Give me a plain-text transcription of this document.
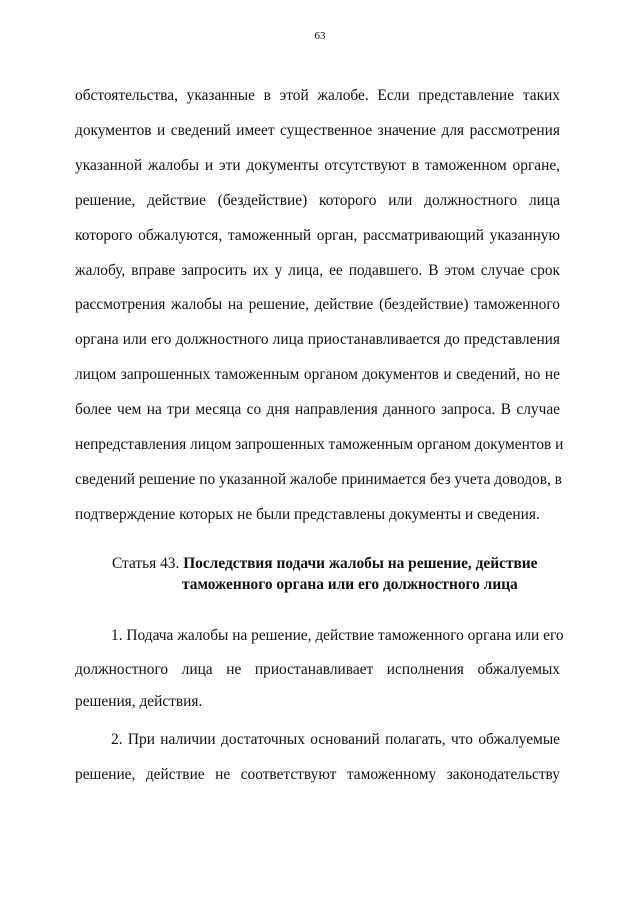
63
обстоятельства, указанные в этой жалобе. Если представление таких
документов и сведений имеет существенное значение для рассмотрения
указанной жалобы и эти документы отсутствуют в таможенном органе,
решение, действие (бездействие) которого или должностного лица
которого обжалуются, таможенный орган, рассматривающий указанную
жалобу, вправе запросить их у лица, ее подавшего. В этом случае срок
рассмотрения жалобы на решение, действие (бездействие) таможенного
органа или его должностного лица приостанавливается до представления
лицом запрошенных таможенным органом документов и сведений, но не
более чем на три месяца со дня направления данного запроса. В случае
непредставления лицом запрошенных таможенным органом документов и
сведений решение по указанной жалобе принимается без учета доводов, в
подтверждение которых не были представлены документы и сведения.
Статья 43. Последствия подачи жалобы на решение, действие
таможенного органа или его должностного лица
1. Подача жалобы на решение, действие таможенного органа или его
должностного лица не приостанавливает исполнения обжалуемых
решения, действия.
2. При наличии достаточных оснований полагать, что обжалуемые
решение, действие не соответствуют таможенному законодательству
